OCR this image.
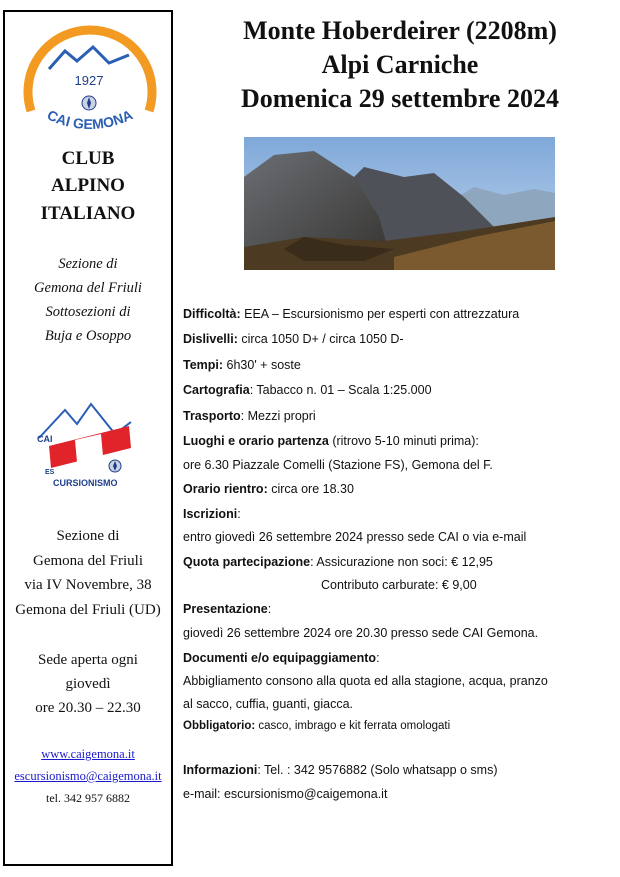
1927
CAI GEMONA
CLUB
ALPINO
ITALIANO
Sezione di
Gemona del Friuli
Sottosezioni di
Buja e Osoppo
CAI
ES
CURSIONISMO
Sezione di
Gemona del Friuli
via IV Novembre, 38
Gemona del Friuli (UD)
Sede aperta ogni
giovedì
ore 20.30 – 22.30
www.caigemona.it
escursionismo@caigemona.it
tel. 342 957 6882
Monte Hoberdeirer (2208m)
Alpi Carniche
Domenica 29 settembre 2024
Difficoltà: EEA – Escursionismo per esperti con attrezzatura
Dislivelli: circa 1050 D+ / circa 1050 D-
Tempi: 6h30' + soste
Cartografia: Tabacco n. 01 – Scala 1:25.000
Trasporto: Mezzi propri
Luoghi e orario partenza (ritrovo 5-10 minuti prima):
ore 6.30 Piazzale Comelli (Stazione FS), Gemona del F.
Orario rientro: circa ore 18.30
Iscrizioni:
entro giovedì 26 settembre 2024 presso sede CAI o via e-mail
Quota partecipazione: Assicurazione non soci: € 12,95
Contributo carburate: € 9,00
Presentazione:
giovedì 26 settembre 2024 ore 20.30 presso sede CAI Gemona.
Documenti e/o equipaggiamento:
Abbigliamento consono alla quota ed alla stagione, acqua, pranzo
al sacco, cuffia, guanti, giacca.
Obbligatorio: casco, imbrago e kit ferrata omologati
Informazioni: Tel. : 342 9576882 (Solo whatsapp o sms)
e-mail: escursionismo@caigemona.it
